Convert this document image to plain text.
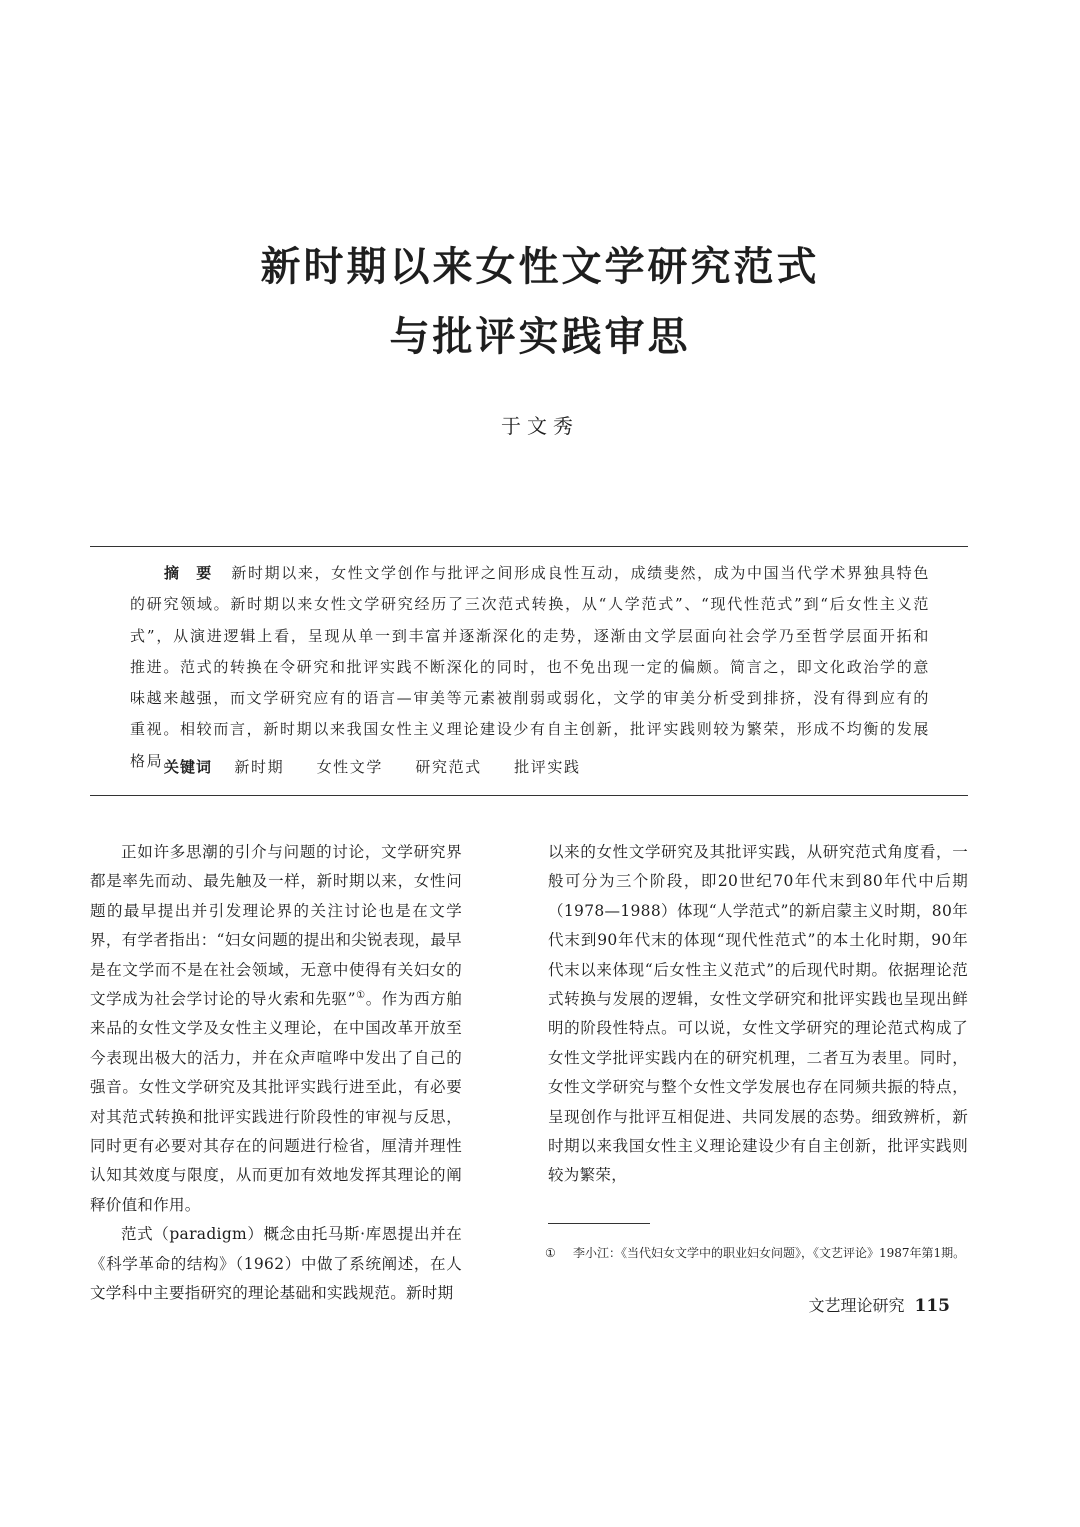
新时期以来女性文学研究范式
与批评实践审思
于文秀
摘 要 新时期以来，女性文学创作与批评之间形成良性互动，成绩斐然，成为中国当代学术界独具特色的研究领域。新时期以来女性文学研究经历了三次范式转换，从“人学范式”、“现代性范式”到“后女性主义范式”，从演进逻辑上看，呈现从单一到丰富并逐渐深化的走势，逐渐由文学层面向社会学乃至哲学层面开拓和推进。范式的转换在令研究和批评实践不断深化的同时，也不免出现一定的偏颇。简言之，即文化政治学的意味越来越强，而文学研究应有的语言—审美等元素被削弱或弱化，文学的审美分析受到排挤，没有得到应有的重视。相较而言，新时期以来我国女性主义理论建设少有自主创新，批评实践则较为繁荣，形成不均衡的发展格局。
关键词 新时期 女性文学 研究范式 批评实践

正如许多思潮的引介与问题的讨论，文学研究界都是率先而动、最先触及一样，新时期以来，女性问题的最早提出并引发理论界的关注讨论也是在文学界，有学者指出：“妇女问题的提出和尖锐表现，最早是在文学而不是在社会领域，无意中使得有关妇女的文学成为社会学讨论的导火索和先驱”①。作为西方舶来品的女性文学及女性主义理论，在中国改革开放至今表现出极大的活力，并在众声喧哗中发出了自己的强音。女性文学研究及其批评实践行进至此，有必要对其范式转换和批评实践进行阶段性的审视与反思，同时更有必要对其存在的问题进行检省，厘清并理性认知其效度与限度，从而更加有效地发挥其理论的阐释价值和作用。

范式（paradigm）概念由托马斯·库恩提出并在《科学革命的结构》（1962）中做了系统阐述，在人文学科中主要指研究的理论基础和实践规范。新时期

以来的女性文学研究及其批评实践，从研究范式角度看，一般可分为三个阶段，即20世纪70年代末到80年代中后期（1978—1988）体现“人学范式”的新启蒙主义时期，80年代末到90年代末的体现“现代性范式”的本土化时期，90年代末以来体现“后女性主义范式”的后现代时期。依据理论范式转换与发展的逻辑，女性文学研究和批评实践也呈现出鲜明的阶段性特点。可以说，女性文学研究的理论范式构成了女性文学批评实践内在的研究机理，二者互为表里。同时，女性文学研究与整个女性文学发展也存在同频共振的特点，呈现创作与批评互相促进、共同发展的态势。细致辨析，新时期以来我国女性主义理论建设少有自主创新，批评实践则较为繁荣，

①	李小江：《当代妇女文学中的职业妇女问题》，《文艺评论》1987年第1期。
文艺理论研究 115
